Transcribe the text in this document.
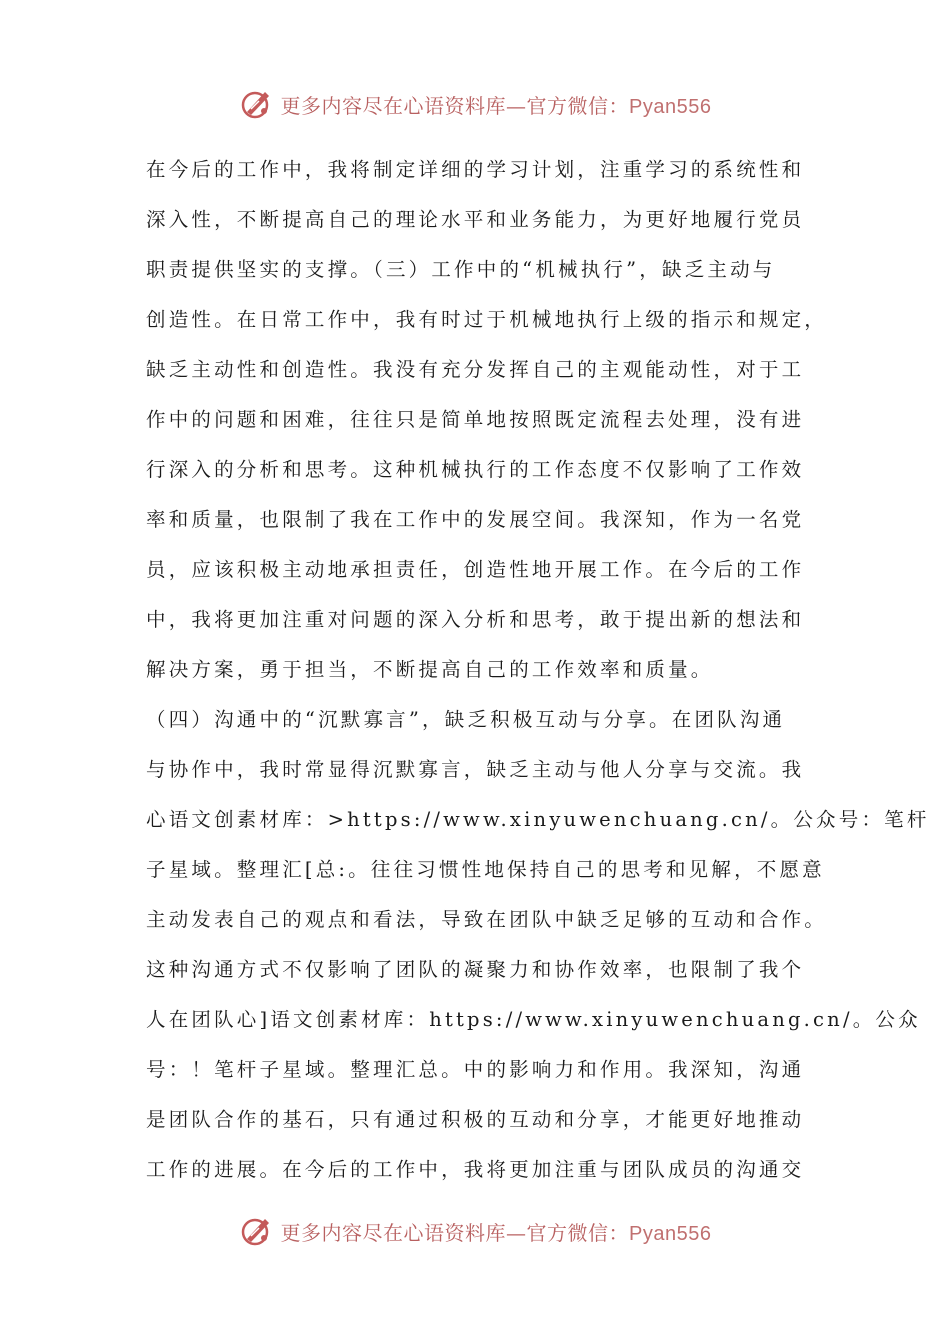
更多内容尽在心语资料库—官方微信：Pyan556
在今后的工作中，我将制定详细的学习计划，注重学习的系统性和
深入性，不断提高自己的理论水平和业务能力，为更好地履行党员
职责提供坚实的支撑。（三）工作中的“机械执行”，缺乏主动与
创造性。在日常工作中，我有时过于机械地执行上级的指示和规定，
缺乏主动性和创造性。我没有充分发挥自己的主观能动性，对于工
作中的问题和困难，往往只是简单地按照既定流程去处理，没有进
行深入的分析和思考。这种机械执行的工作态度不仅影响了工作效
率和质量，也限制了我在工作中的发展空间。我深知，作为一名党
员，应该积极主动地承担责任，创造性地开展工作。在今后的工作
中，我将更加注重对问题的深入分析和思考，敢于提出新的想法和
解决方案，勇于担当，不断提高自己的工作效率和质量。
（四）沟通中的“沉默寡言”，缺乏积极互动与分享。在团队沟通
与协作中，我时常显得沉默寡言，缺乏主动与他人分享与交流。我
心语文创素材库：>https://www.xinyuwenchuang.cn/。公众号：笔杆
子星域。整理汇[总:。往往习惯性地保持自己的思考和见解，不愿意
主动发表自己的观点和看法，导致在团队中缺乏足够的互动和合作。
这种沟通方式不仅影响了团队的凝聚力和协作效率，也限制了我个
人在团队心]语文创素材库：https://www.xinyuwenchuang.cn/。公众
号：！笔杆子星域。整理汇总。中的影响力和作用。我深知，沟通
是团队合作的基石，只有通过积极的互动和分享，才能更好地推动
工作的进展。在今后的工作中，我将更加注重与团队成员的沟通交
更多内容尽在心语资料库—官方微信：Pyan556
